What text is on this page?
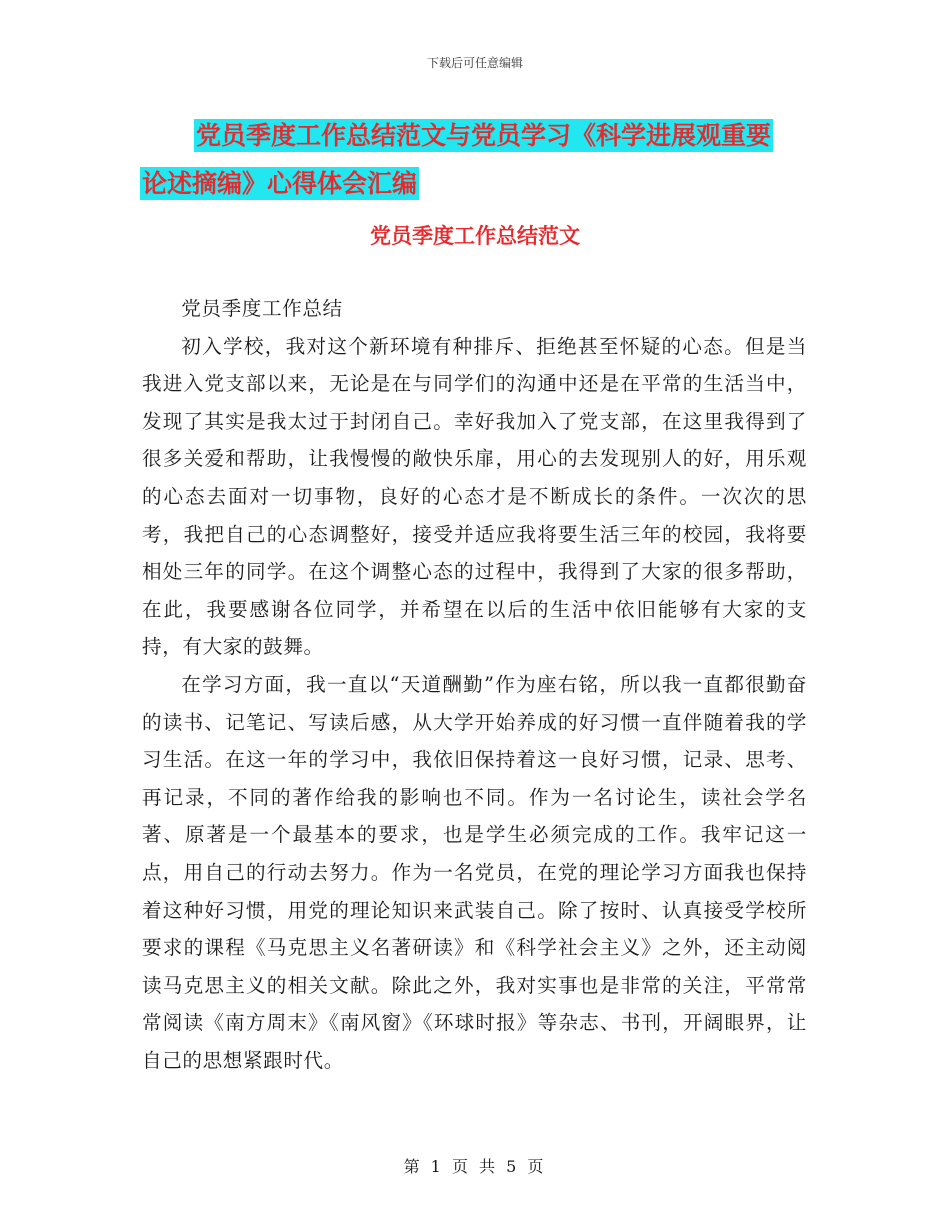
下载后可任意编辑
党员季度工作总结范文与党员学习《科学进展观重要
论述摘编》心得体会汇编
党员季度工作总结范文

党员季度工作总结

初入学校，我对这个新环境有种排斥、拒绝甚至怀疑的心态。但是当我进入党支部以来，无论是在与同学们的沟通中还是在平常的生活当中，发现了其实是我太过于封闭自己。幸好我加入了党支部，在这里我得到了很多关爱和帮助，让我慢慢的敞快乐扉，用心的去发现别人的好，用乐观的心态去面对一切事物，良好的心态才是不断成长的条件。一次次的思考，我把自己的心态调整好，接受并适应我将要生活三年的校园，我将要相处三年的同学。在这个调整心态的过程中，我得到了大家的很多帮助，在此，我要感谢各位同学，并希望在以后的生活中依旧能够有大家的支持，有大家的鼓舞。

在学习方面，我一直以“天道酬勤”作为座右铭，所以我一直都很勤奋的读书、记笔记、写读后感，从大学开始养成的好习惯一直伴随着我的学习生活。在这一年的学习中，我依旧保持着这一良好习惯，记录、思考、再记录，不同的著作给我的影响也不同。作为一名讨论生，读社会学名著、原著是一个最基本的要求，也是学生必须完成的工作。我牢记这一点，用自己的行动去努力。作为一名党员，在党的理论学习方面我也保持着这种好习惯，用党的理论知识来武装自己。除了按时、认真接受学校所要求的课程《马克思主义名著研读》和《科学社会主义》之外，还主动阅读马克思主义的相关文献。除此之外，我对实事也是非常的关注，平常常常阅读《南方周末》《南风窗》《环球时报》等杂志、书刊，开阔眼界，让自己的思想紧跟时代。

第 1 页 共 5 页
